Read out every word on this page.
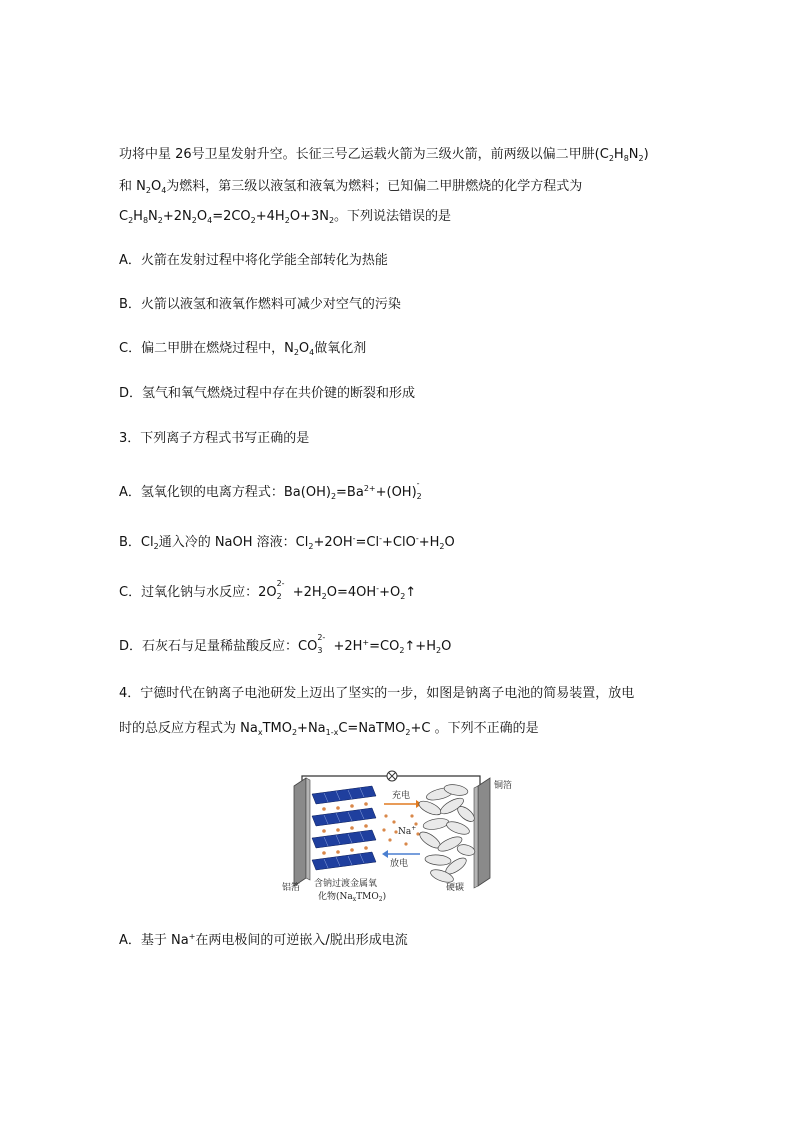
功将中星 26号卫星发射升空。长征三号乙运载火箭为三级火箭，前两级以偏二甲肼$(C_2H_8N_2)$
和 $N_2O_4$为燃料，第三级以液氢和液氧为燃料；已知偏二甲肼燃烧的化学方程式为
$C_2H_8N_2+2N_2O_4=2CO_2+4H_2O+3N_2$。下列说法错误的是
A．火箭在发射过程中将化学能全部转化为热能
B．火箭以液氢和液氧作燃料可减少对空气的污染
C．偏二甲肼在燃烧过程中，$N_2O_4$做氧化剂
D．氢气和氧气燃烧过程中存在共价键的断裂和形成
3．下列离子方程式书写正确的是
A．氢氧化钡的电离方程式：$Ba(OH)_2=Ba^{2+}+(OH)$
-
2
B．$Cl_2$通入冷的 NaOH 溶液：$Cl_2+2OH^-=Cl^-+ClO^-+H_2O$
C．过氧化钠与水反应：2O
2-
$2 +2H_2O=4OH^-+O_2↑$
D．石灰石与足量稀盐酸反应：CO
2-
$3 +2H^+=CO_2↑+H_2O$
4．宁德时代在钠离子电池研发上迈出了坚实的一步，如图是钠离子电池的简易装置，放电
时的总反应方程式为 $Na_xTMO_2+Na_{1-x}C=NaTMO_2+C$ 。下列不正确的是
铜箔
充电
Na+
放电
铝箔 含钠过渡金属氧
化物$(Na_xTMO_2)$
硬碳
A．基于 Na+在两电极间的可逆嵌入/脱出形成电流
